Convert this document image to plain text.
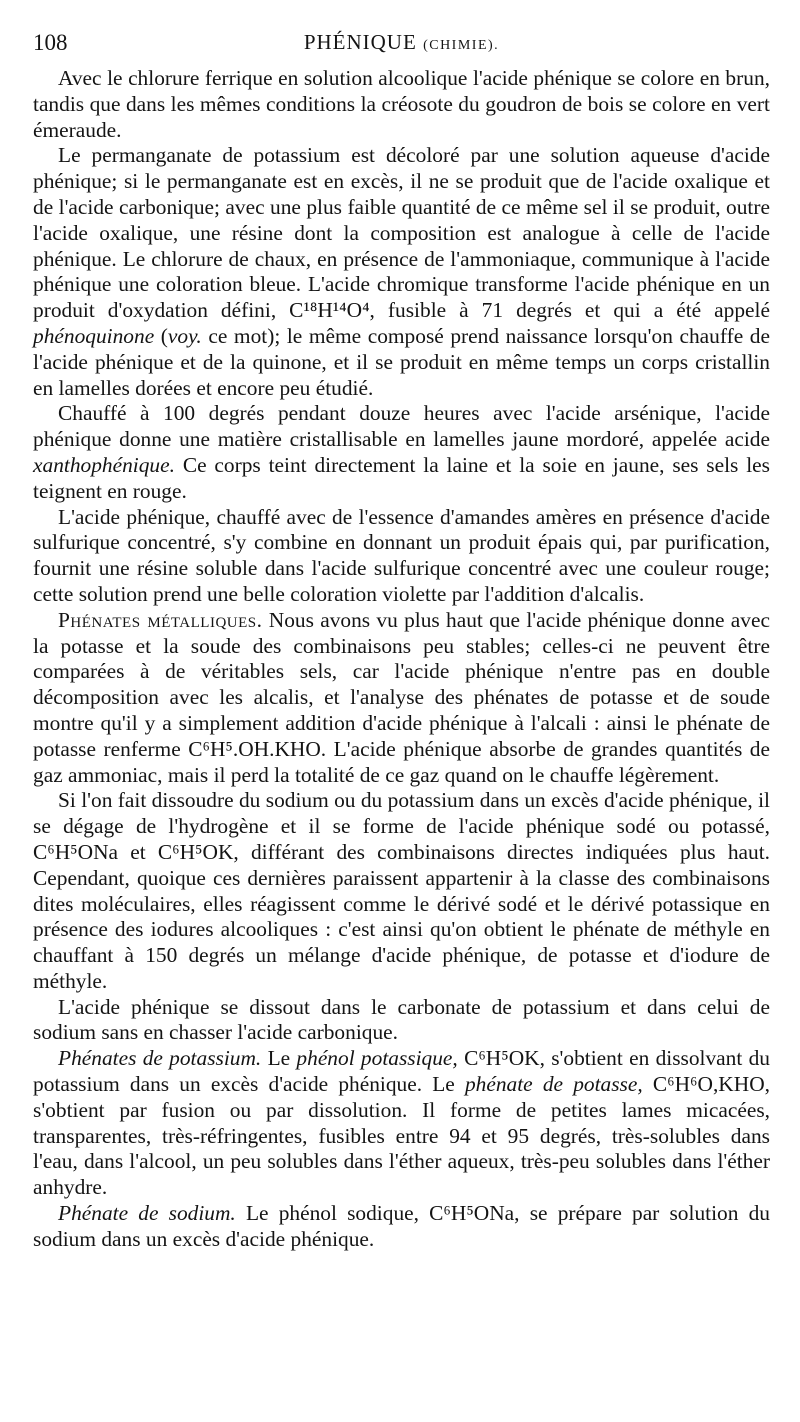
108	PHÉNIQUE (CHIMIE).

Avec le chlorure ferrique en solution alcoolique l'acide phénique se colore en brun, tandis que dans les mêmes conditions la créosote du goudron de bois se colore en vert émeraude.

Le permanganate de potassium est décoloré par une solution aqueuse d'acide phénique; si le permanganate est en excès, il ne se produit que de l'acide oxalique et de l'acide carbonique; avec une plus faible quantité de ce même sel il se produit, outre l'acide oxalique, une résine dont la composition est analogue à celle de l'acide phénique. Le chlorure de chaux, en présence de l'ammoniaque, communique à l'acide phénique une coloration bleue. L'acide chromique transforme l'acide phénique en un produit d'oxydation défini, C¹⁸H¹⁴O⁴, fusible à 71 degrés et qui a été appelé phénoquinone (voy. ce mot); le même composé prend naissance lorsqu'on chauffe de l'acide phénique et de la quinone, et il se produit en même temps un corps cristallin en lamelles dorées et encore peu étudié.

Chauffé à 100 degrés pendant douze heures avec l'acide arsénique, l'acide phénique donne une matière cristallisable en lamelles jaune mordoré, appelée acide xanthophénique. Ce corps teint directement la laine et la soie en jaune, ses sels les teignent en rouge.

L'acide phénique, chauffé avec de l'essence d'amandes amères en présence d'acide sulfurique concentré, s'y combine en donnant un produit épais qui, par purification, fournit une résine soluble dans l'acide sulfurique concentré avec une couleur rouge; cette solution prend une belle coloration violette par l'addition d'alcalis.

Phénates métalliques. Nous avons vu plus haut que l'acide phénique donne avec la potasse et la soude des combinaisons peu stables; celles-ci ne peuvent être comparées à de véritables sels, car l'acide phénique n'entre pas en double décomposition avec les alcalis, et l'analyse des phénates de potasse et de soude montre qu'il y a simplement addition d'acide phénique à l'alcali : ainsi le phénate de potasse renferme C⁶H⁵.OH.KHO. L'acide phénique absorbe de grandes quantités de gaz ammoniac, mais il perd la totalité de ce gaz quand on le chauffe légèrement.

Si l'on fait dissoudre du sodium ou du potassium dans un excès d'acide phénique, il se dégage de l'hydrogène et il se forme de l'acide phénique sodé ou potassé, C⁶H⁵ONa et C⁶H⁵OK, différant des combinaisons directes indiquées plus haut. Cependant, quoique ces dernières paraissent appartenir à la classe des combinaisons dites moléculaires, elles réagissent comme le dérivé sodé et le dérivé potassique en présence des iodures alcooliques : c'est ainsi qu'on obtient le phénate de méthyle en chauffant à 150 degrés un mélange d'acide phénique, de potasse et d'iodure de méthyle.

L'acide phénique se dissout dans le carbonate de potassium et dans celui de sodium sans en chasser l'acide carbonique.

Phénates de potassium. Le phénol potassique, C⁶H⁵OK, s'obtient en dissolvant du potassium dans un excès d'acide phénique. Le phénate de potasse, C⁶H⁶O,KHO, s'obtient par fusion ou par dissolution. Il forme de petites lames micacées, transparentes, très-réfringentes, fusibles entre 94 et 95 degrés, très-solubles dans l'eau, dans l'alcool, un peu solubles dans l'éther aqueux, très-peu solubles dans l'éther anhydre.

Phénate de sodium. Le phénol sodique, C⁶H⁵ONa, se prépare par solution du sodium dans un excès d'acide phénique.
